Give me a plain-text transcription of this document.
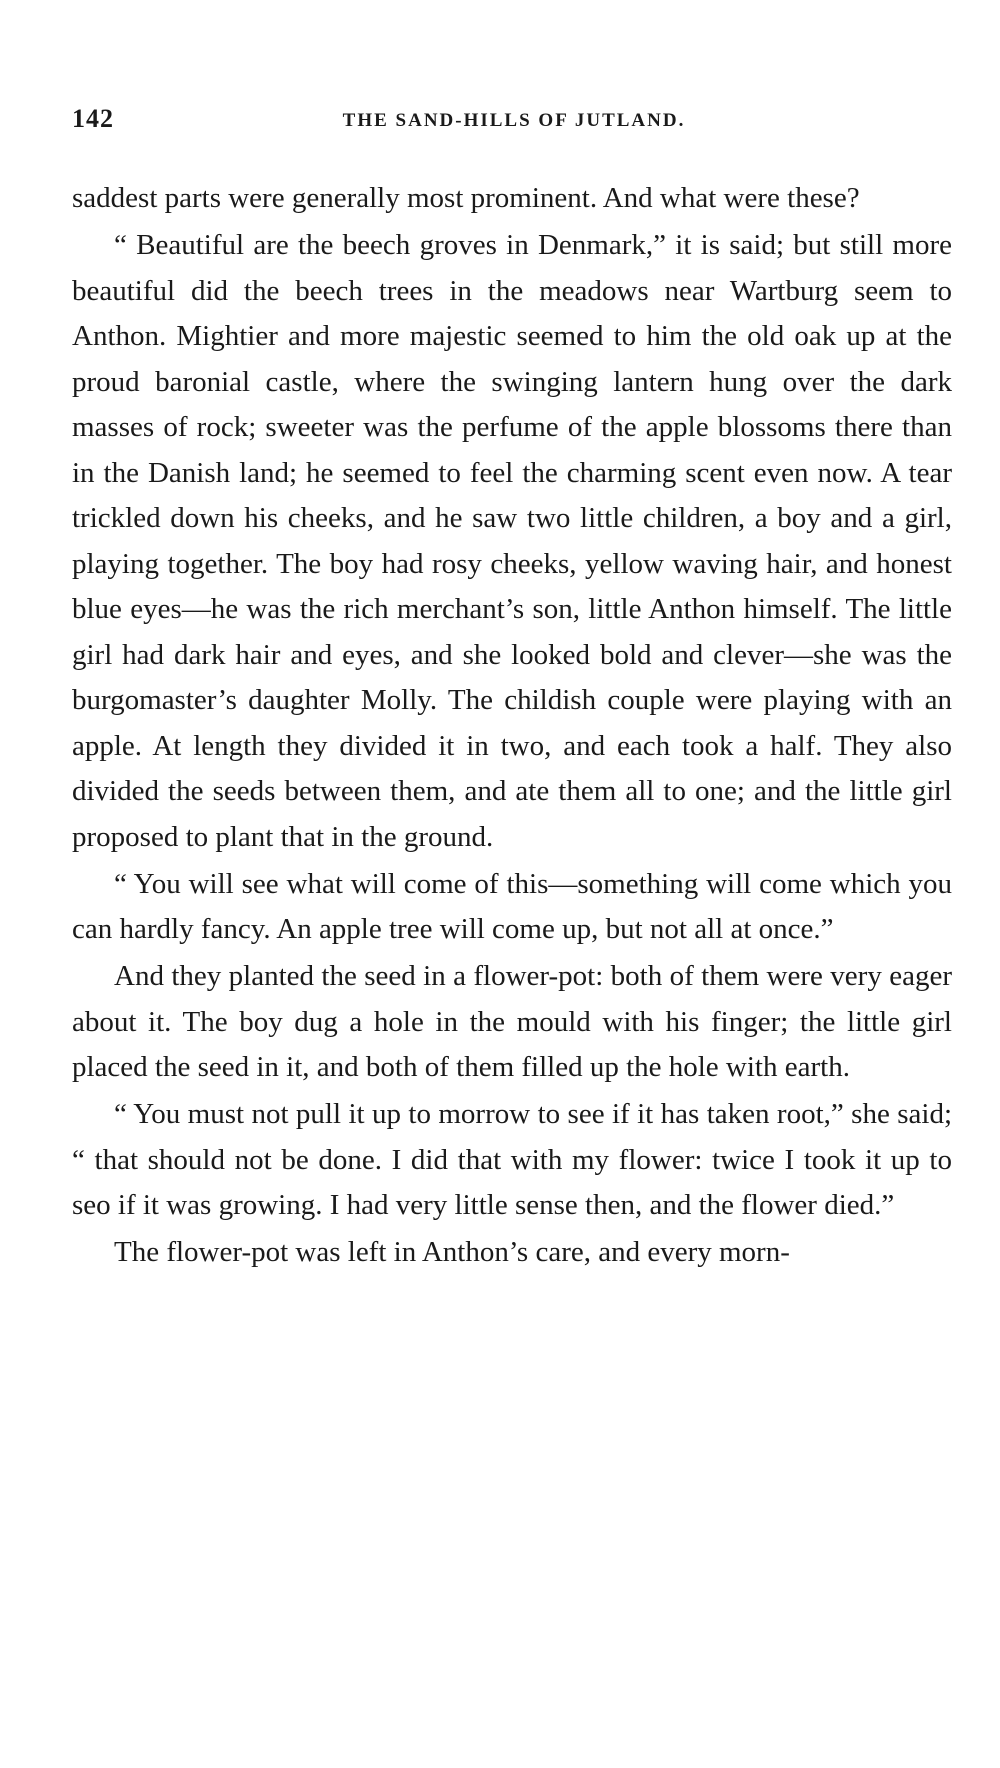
142	THE SAND-HILLS OF JUTLAND.

saddest parts were generally most prominent. And what were these?

“ Beautiful are the beech groves in Denmark,” it is said; but still more beautiful did the beech trees in the meadows near Wartburg seem to Anthon. Mightier and more majestic seemed to him the old oak up at the proud baronial castle, where the swinging lantern hung over the dark masses of rock; sweeter was the perfume of the apple blossoms there than in the Danish land; he seemed to feel the charming scent even now. A tear trickled down his cheeks, and he saw two little children, a boy and a girl, playing together. The boy had rosy cheeks, yellow waving hair, and honest blue eyes—he was the rich merchant’s son, little Anthon himself. The little girl had dark hair and eyes, and she looked bold and clever—she was the burgomaster’s daughter Molly. The childish couple were playing with an apple. At length they divided it in two, and each took a half. They also divided the seeds between them, and ate them all to one; and the little girl proposed to plant that in the ground.

“ You will see what will come of this—something will come which you can hardly fancy. An apple tree will come up, but not all at once.”

And they planted the seed in a flower-pot: both of them were very eager about it. The boy dug a hole in the mould with his finger; the little girl placed the seed in it, and both of them filled up the hole with earth.

“ You must not pull it up to morrow to see if it has taken root,” she said; “ that should not be done. I did that with my flower: twice I took it up to seo if it was growing. I had very little sense then, and the flower died.”

The flower-pot was left in Anthon’s care, and every morn-
